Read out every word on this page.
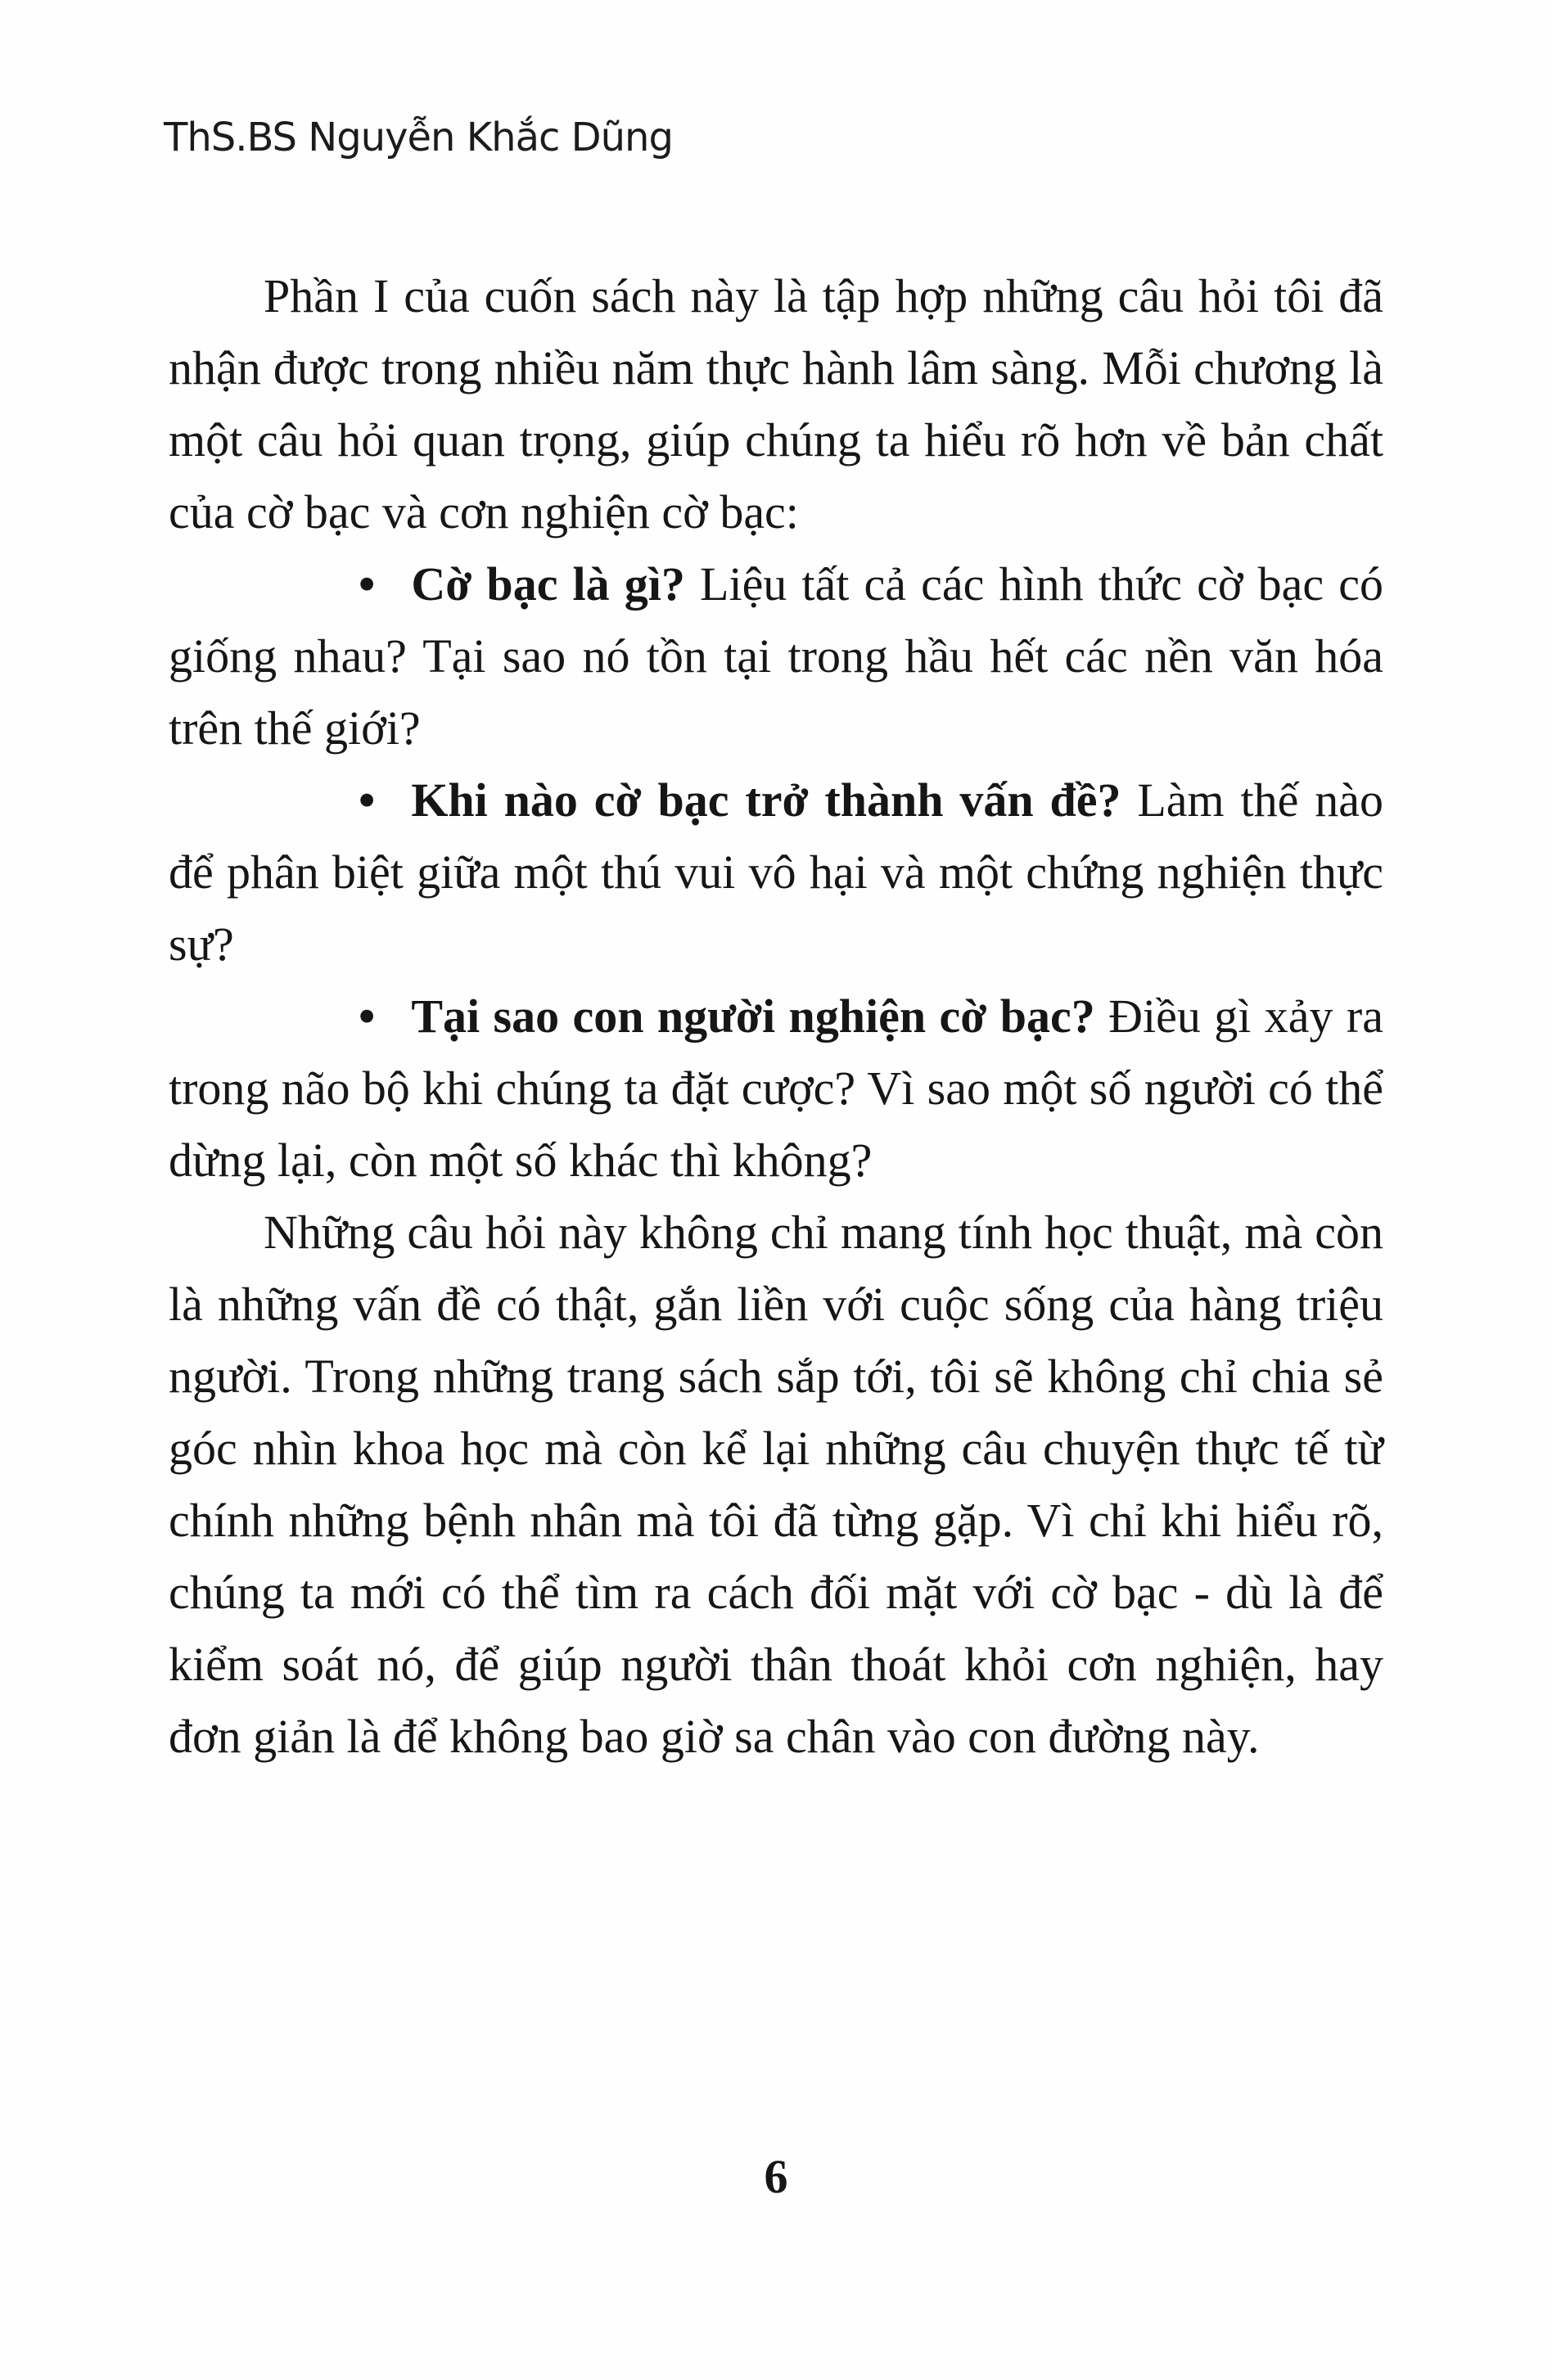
ThS.BS Nguyễn Khắc Dũng

Phần I của cuốn sách này là tập hợp những câu hỏi tôi đã nhận được trong nhiều năm thực hành lâm sàng. Mỗi chương là một câu hỏi quan trọng, giúp chúng ta hiểu rõ hơn về bản chất của cờ bạc và cơn nghiện cờ bạc:

• Cờ bạc là gì? Liệu tất cả các hình thức cờ bạc có giống nhau? Tại sao nó tồn tại trong hầu hết các nền văn hóa trên thế giới?

• Khi nào cờ bạc trở thành vấn đề? Làm thế nào để phân biệt giữa một thú vui vô hại và một chứng nghiện thực sự?

• Tại sao con người nghiện cờ bạc? Điều gì xảy ra trong não bộ khi chúng ta đặt cược? Vì sao một số người có thể dừng lại, còn một số khác thì không?

Những câu hỏi này không chỉ mang tính học thuật, mà còn là những vấn đề có thật, gắn liền với cuộc sống của hàng triệu người. Trong những trang sách sắp tới, tôi sẽ không chỉ chia sẻ góc nhìn khoa học mà còn kể lại những câu chuyện thực tế từ chính những bệnh nhân mà tôi đã từng gặp. Vì chỉ khi hiểu rõ, chúng ta mới có thể tìm ra cách đối mặt với cờ bạc - dù là để kiểm soát nó, để giúp người thân thoát khỏi cơn nghiện, hay đơn giản là để không bao giờ sa chân vào con đường này.

6
